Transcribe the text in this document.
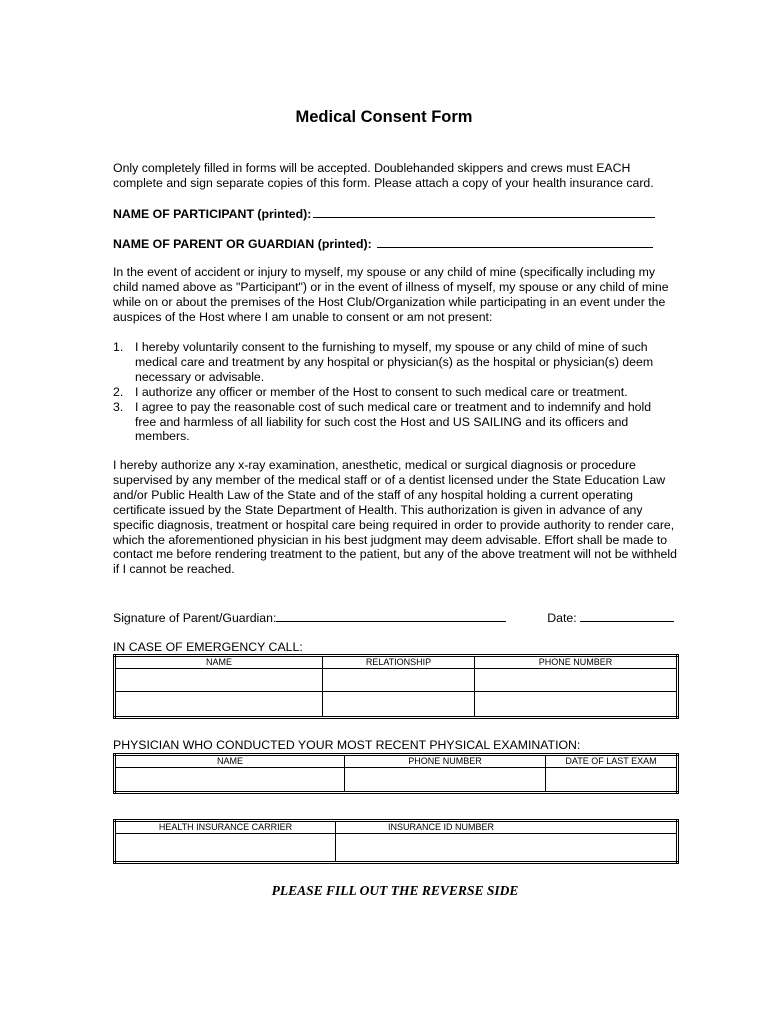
Medical Consent Form
Only completely filled in forms will be accepted. Doublehanded skippers and crews must EACH complete and sign separate copies of this form. Please attach a copy of your health insurance card.
NAME OF PARTICIPANT (printed):
NAME OF PARENT OR GUARDIAN (printed):
In the event of accident or injury to myself, my spouse or any child of mine (specifically including my child named above as "Participant") or in the event of illness of myself, my spouse or any child of mine while on or about the premises of the Host Club/Organization while participating in an event under the auspices of the Host where I am unable to consent or am not present:
1. I hereby voluntarily consent to the furnishing to myself, my spouse or any child of mine of such medical care and treatment by any hospital or physician(s) as the hospital or physician(s) deem necessary or advisable.
2. I authorize any officer or member of the Host to consent to such medical care or treatment.
3. I agree to pay the reasonable cost of such medical care or treatment and to indemnify and hold free and harmless of all liability for such cost the Host and US SAILING and its officers and members.
I hereby authorize any x-ray examination, anesthetic, medical or surgical diagnosis or procedure supervised by any member of the medical staff or of a dentist licensed under the State Education Law and/or Public Health Law of the State and of the staff of any hospital holding a current operating certificate issued by the State Department of Health. This authorization is given in advance of any specific diagnosis, treatment or hospital care being required in order to provide authority to render care, which the aforementioned physician in his best judgment may deem advisable. Effort shall be made to contact me before rendering treatment to the patient, but any of the above treatment will not be withheld if I cannot be reached.
Signature of Parent/Guardian:	Date:
IN CASE OF EMERGENCY CALL:
NAME	RELATIONSHIP	PHONE NUMBER

PHYSICIAN WHO CONDUCTED YOUR MOST RECENT PHYSICAL EXAMINATION:
NAME	PHONE NUMBER	DATE OF LAST EXAM

HEALTH INSURANCE CARRIER	INSURANCE ID NUMBER

PLEASE FILL OUT THE REVERSE SIDE
